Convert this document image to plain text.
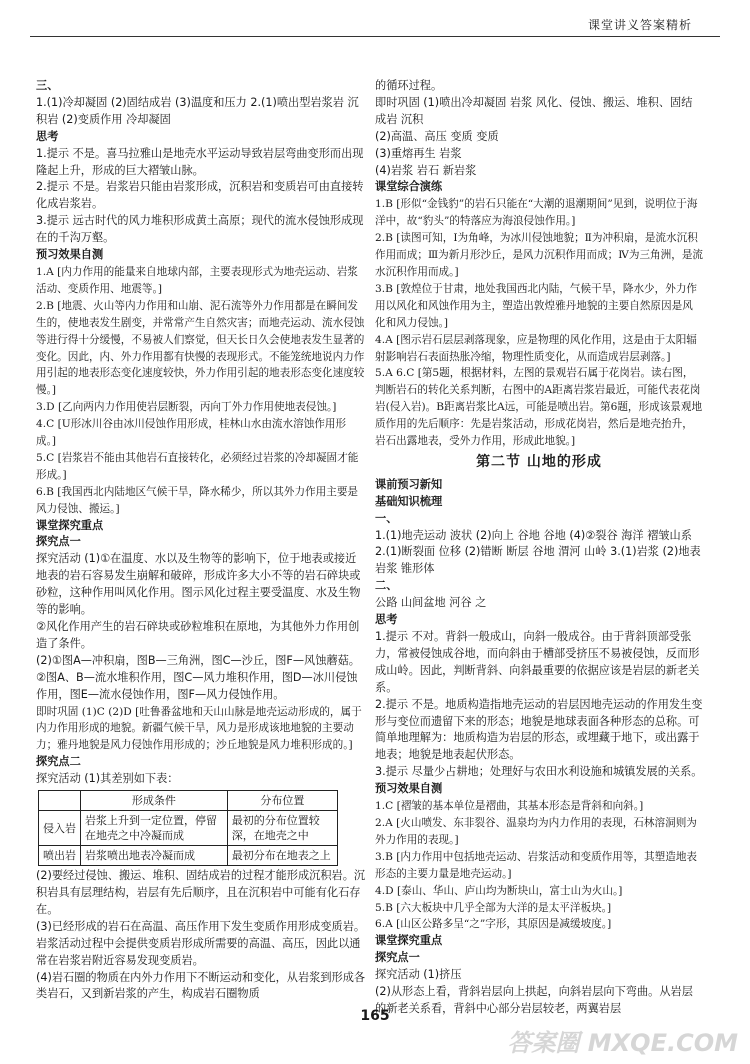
课堂讲义答案精析

三、

1.(1)冷却凝固 (2)固结成岩 (3)温度和压力 2.(1)喷出型岩浆岩 沉积岩 (2)变质作用 冷却凝固

思考

1.提示 不是。喜马拉雅山是地壳水平运动导致岩层弯曲变形而出现隆起上升，形成的巨大褶皱山脉。

2.提示 不是。岩浆岩只能由岩浆形成，沉积岩和变质岩可由直接转化成岩浆岩。

3.提示 远古时代的风力堆积形成黄土高原；现代的流水侵蚀形成现在的千沟万壑。

预习效果自测

1.A [内力作用的能量来自地球内部，主要表现形式为地壳运动、岩浆活动、变质作用、地震等。]

2.B [地震、火山等内力作用和山崩、泥石流等外力作用都是在瞬间发生的，使地表发生剧变，并常常产生自然灾害；而地壳运动、流水侵蚀等进行得十分缓慢，不易被人们察觉，但天长日久会使地表发生显著的变化。因此，内、外力作用都有快慢的表现形式。不能笼统地说内力作用引起的地表形态变化速度较快，外力作用引起的地表形态变化速度较慢。]

3.D [乙向两内力作用使岩层断裂，丙向丁外力作用使地表侵蚀。]

4.C [U形冰川谷由冰川侵蚀作用形成，桂林山水由流水溶蚀作用形成。]

5.C [岩浆岩不能由其他岩石直接转化，必须经过岩浆的冷却凝固才能形成。]

6.B [我国西北内陆地区气候干旱，降水稀少，所以其外力作用主要是风力侵蚀、搬运。]

课堂探究重点

探究点一

探究活动 (1)①在温度、水以及生物等的影响下，位于地表或接近地表的岩石容易发生崩解和破碎，形成许多大小不等的岩石碎块或砂粒，这种作用叫风化作用。图示风化过程主要受温度、水及生物等的影响。

②风化作用产生的岩石碎块或砂粒堆积在原地，为其他外力作用创造了条件。

(2)①图A—冲积扇，图B—三角洲，图C—沙丘，图F—风蚀蘑菇。

②图A、B—流水堆积作用，图C—风力堆积作用，图D—冰川侵蚀作用，图E—流水侵蚀作用，图F—风力侵蚀作用。

即时巩固 (1)C (2)D [吐鲁番盆地和天山山脉是地壳运动形成的，属于内力作用形成的地貌。新疆气候干旱，风力是形成该地地貌的主要动力；雅丹地貌是风力侵蚀作用形成的；沙丘地貌是风力堆积形成的。]

探究点二

探究活动 (1)其差别如下表：

	形成条件	分布位置
侵入岩	岩浆上升到一定位置，停留在地壳之中冷凝而成	最初的分布位置较深，在地壳之中
喷出岩	岩浆喷出地表冷凝而成	最初分布在地表之上

(2)要经过侵蚀、搬运、堆积、固结成岩的过程才能形成沉积岩。沉积岩具有层理结构，岩层有先后顺序，且在沉积岩中可能有化石存在。

(3)已经形成的岩石在高温、高压作用下发生变质作用形成变质岩。岩浆活动过程中会提供变质岩形成所需要的高温、高压，因此以通常在岩浆岩附近容易发现变质岩。

(4)岩石圈的物质在内外力作用下不断运动和变化，从岩浆到形成各类岩石，又到新岩浆的产生，构成岩石圈物质

的循环过程。

即时巩固 (1)喷出冷却凝固 岩浆 风化、侵蚀、搬运、堆积、固结成岩 沉积

(2)高温、高压 变质 变质

(3)重熔再生 岩浆

(4)岩浆 岩石 新岩浆

课堂综合演练

1.B [形似“金钱豹”的岩石只能在“大潮的退潮期间”见到，说明位于海洋中，故“豹头”的特落应为海浪侵蚀作用。]

2.B [读图可知，Ⅰ为角峰，为冰川侵蚀地貌；Ⅱ为冲积扇，是流水沉积作用而成；Ⅲ为新月形沙丘，是风力沉积作用而成；Ⅳ为三角洲，是流水沉积作用而成。]

3.B [敦煌位于甘肃，地处我国西北内陆，气候干旱，降水少，外力作用以风化和风蚀作用为主，塑造出敦煌雅丹地貌的主要自然原因是风化和风力侵蚀。]

4.A [图示岩石层层剥落现象，应是物理的风化作用，这是由于太阳辐射影响岩石表面热胀冷缩，物理性质变化，从而造成岩层剥落。]

5.A 6.C [第5题，根据材料，左图的景观岩石属于花岗岩。读右图，判断岩石的转化关系判断，右图中的A距离岩浆岩最近，可能代表花岗岩(侵入岩)。B距离岩浆比A远，可能是喷出岩。第6题，形成该景观地质作用的先后顺序：先是岩浆活动，形成花岗岩，然后是地壳抬升，岩石出露地表，受外力作用，形成此地貌。]

第二节 山地的形成

课前预习新知

基础知识梳理

一、

1.(1)地壳运动 波状 (2)向上 谷地 谷地 (4)②裂谷 海洋 褶皱山系 2.(1)断裂面 位移 (2)错断 断层 谷地 渭河 山岭 3.(1)岩浆 (2)地表 岩浆 锥形体

二、

公路 山间盆地 河谷 之

思考

1.提示 不对。背斜一般成山，向斜一般成谷。由于背斜顶部受张力，常被侵蚀成谷地，而向斜由于槽部受挤压不易被侵蚀，反而形成山岭。因此，判断背斜、向斜最重要的依据应该是岩层的新老关系。

2.提示 不是。地质构造指地壳运动的岩层因地壳运动的作用发生变形与变位而遗留下来的形态；地貌是地球表面各种形态的总称。可简单地理解为：地质构造为岩层的形态，或埋藏于地下，或出露于地表；地貌是地表起伏形态。

3.提示 尽量少占耕地；处理好与农田水利设施和城镇发展的关系。

预习效果自测

1.C [褶皱的基本单位是褶曲，其基本形态是背斜和向斜。]

2.A [火山喷发、东非裂谷、温泉均为内力作用的表现，石林溶洞则为外力作用的表现。]

3.B [内力作用中包括地壳运动、岩浆活动和变质作用等，其塑造地表形态的主要力量是地壳运动。]

4.D [泰山、华山、庐山均为断块山，富士山为火山。]

5.B [六大板块中几乎全部为大洋的是太平洋板块。]

6.A [山区公路多呈“之”字形，其原因是减缓坡度。]

课堂探究重点

探究点一

探究活动 (1)挤压

(2)从形态上看，背斜岩层向上拱起，向斜岩层向下弯曲。从岩层的新老关系看，背斜中心部分岩层较老，两翼岩层

165
答案圈 MXQE.COM
